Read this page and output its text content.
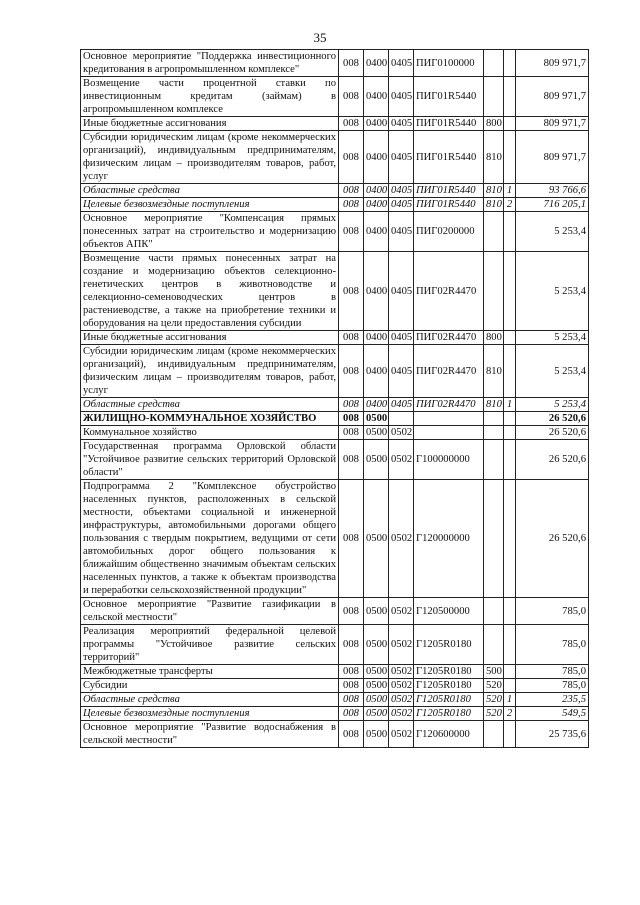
35
Основное мероприятие "Поддержка инвестиционного кредитования в агропромышленном комплексе"	008	0400	0405	ПИГ0100000			809 971,7
Возмещение части процентной ставки по инвестиционным кредитам (займам) в агропромышленном комплексе	008	0400	0405	ПИГ01R5440			809 971,7
Иные бюджетные ассигнования	008	0400	0405	ПИГ01R5440	800		809 971,7
Субсидии юридическим лицам (кроме некоммерческих организаций), индивидуальным предпринимателям, физическим лицам – производителям товаров, работ, услуг	008	0400	0405	ПИГ01R5440	810		809 971,7
Областные средства	008	0400	0405	ПИГ01R5440	810	1	93 766,6
Целевые безвозмездные поступления	008	0400	0405	ПИГ01R5440	810	2	716 205,1
Основное мероприятие "Компенсация прямых понесенных затрат на строительство и модернизацию объектов АПК"	008	0400	0405	ПИГ0200000			5 253,4
Возмещение части прямых понесенных затрат на создание и модернизацию объектов селекционно-генетических центров в животноводстве и селекционно-семеноводческих центров в растениеводстве, а также на приобретение техники и оборудования на цели предоставления субсидии	008	0400	0405	ПИГ02R4470			5 253,4
Иные бюджетные ассигнования	008	0400	0405	ПИГ02R4470	800		5 253,4
Субсидии юридическим лицам (кроме некоммерческих организаций), индивидуальным предпринимателям, физическим лицам – производителям товаров, работ, услуг	008	0400	0405	ПИГ02R4470	810		5 253,4
Областные средства	008	0400	0405	ПИГ02R4470	810	1	5 253,4
ЖИЛИЩНО-КОММУНАЛЬНОЕ ХОЗЯЙСТВО	008	0500					26 520,6
Коммунальное хозяйство	008	0500	0502				26 520,6
Государственная программа Орловской области "Устойчивое развитие сельских территорий Орловской области"	008	0500	0502	Г100000000			26 520,6
Подпрограмма 2 "Комплексное обустройство населенных пунктов, расположенных в сельской местности, объектами социальной и инженерной инфраструктуры, автомобильными дорогами общего пользования с твердым покрытием, ведущими от сети автомобильных дорог общего пользования к ближайшим общественно значимым объектам сельских населенных пунктов, а также к объектам производства и переработки сельскохозяйственной продукции"	008	0500	0502	Г120000000			26 520,6
Основное мероприятие "Развитие газификации в сельской местности"	008	0500	0502	Г120500000			785,0
Реализация мероприятий федеральной целевой программы "Устойчивое развитие сельских территорий"	008	0500	0502	Г1205R0180			785,0
Межбюджетные трансферты	008	0500	0502	Г1205R0180	500		785,0
Субсидии	008	0500	0502	Г1205R0180	520		785,0
Областные средства	008	0500	0502	Г1205R0180	520	1	235,5
Целевые безвозмездные поступления	008	0500	0502	Г1205R0180	520	2	549,5
Основное мероприятие "Развитие водоснабжения в сельской местности"	008	0500	0502	Г120600000			25 735,6
